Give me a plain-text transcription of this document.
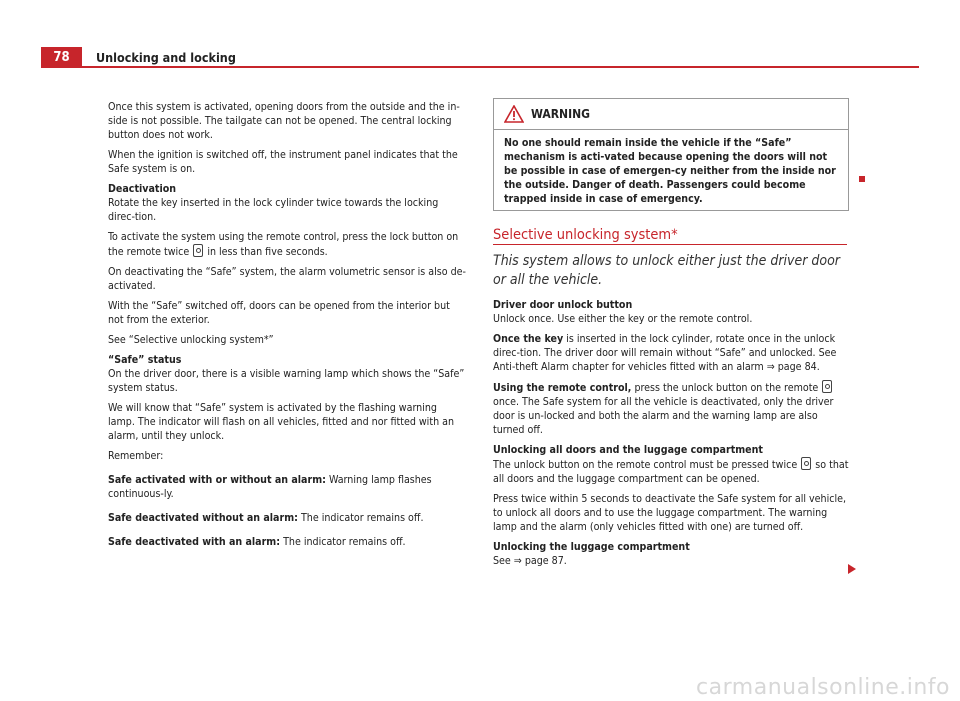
78	Unlocking and locking

Once this system is activated, opening doors from the outside and the in-side is not possible. The tailgate can not be opened. The central locking button does not work.

When the ignition is switched off, the instrument panel indicates that the Safe system is on.

Deactivation

Rotate the key inserted in the lock cylinder twice towards the locking direc-tion.

To activate the system using the remote control, press the lock button on the remote twice in less than five seconds.

On deactivating the “Safe” system, the alarm volumetric sensor is also de-activated.

With the “Safe” switched off, doors can be opened from the interior but not from the exterior.

See “Selective unlocking system*”

“Safe” status

On the driver door, there is a visible warning lamp which shows the “Safe” system status.

We will know that “Safe” system is activated by the flashing warning lamp. The indicator will flash on all vehicles, fitted and nor fitted with an alarm, until they unlock.

Remember:

Safe activated with or without an alarm: Warning lamp flashes continuous-ly.

Safe deactivated without an alarm: The indicator remains off.

Safe deactivated with an alarm: The indicator remains off.

WARNING
No one should remain inside the vehicle if the “Safe” mechanism is acti-vated because opening the doors will not be possible in case of emergen-cy neither from the inside nor the outside. Danger of death. Passengers could become trapped inside in case of emergency.
Selective unlocking system*
This system allows to unlock either just the driver door or all the vehicle.

Driver door unlock button

Unlock once. Use either the key or the remote control.

Once the key is inserted in the lock cylinder, rotate once in the unlock direc-tion. The driver door will remain without “Safe” and unlocked. See Anti-theft Alarm chapter for vehicles fitted with an alarm ⇒ page 84.

Using the remote control, press the unlock button on the remote  once. The Safe system for all the vehicle is deactivated, only the driver door is un-locked and both the alarm and the warning lamp are also turned off.

Unlocking all doors and the luggage compartment

The unlock button on the remote control must be pressed twice so that all doors and the luggage compartment can be opened.

Press twice within 5 seconds to deactivate the Safe system for all vehicle, to unlock all doors and to use the luggage compartment. The warning lamp and the alarm (only vehicles fitted with one) are turned off.

Unlocking the luggage compartment

See ⇒ page 87.

carmanualsonline.info
